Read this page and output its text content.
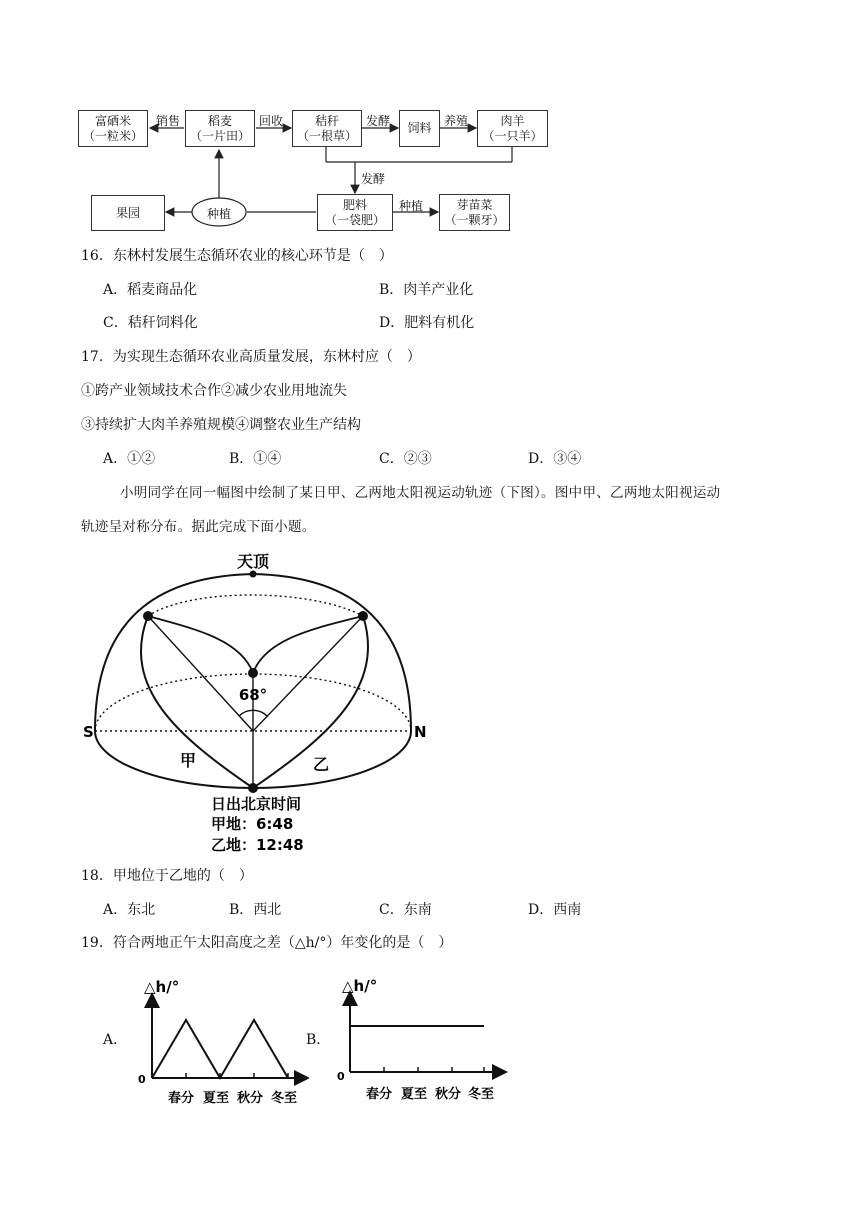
富硒米
（一粒米）
稻麦
（一片田）
秸秆
（一根草）
饲料
肉羊
（一只羊）
果园	种植
肥料
（一袋肥）
芽苗菜
（一颗牙）
销售	回收	发酵	养殖
发酵
种植
16．东林村发展生态循环农业的核心环节是（　）
A．稻麦商品化	B．肉羊产业化
C．秸秆饲料化	D．肥料有机化
17．为实现生态循环农业高质量发展，东林村应（　）
①跨产业领域技术合作②减少农业用地流失
③持续扩大肉羊养殖规模④调整农业生产结构
A．①②	B．①④	C．②③	D．③④
小明同学在同一幅图中绘制了某日甲、乙两地太阳视运动轨迹（下图）。图中甲、乙两地太阳视运动
轨迹呈对称分布。据此完成下面小题。
天顶
S	N
68°
甲	乙
日出北京时间
甲地：6:48
乙地：12:48
18．甲地位于乙地的（　）
A．东北	B．西北	C．东南	D．西南
19．符合两地正午太阳高度之差（△h/°）年变化的是（　）
A．	B．
△h/°
0
春分 夏至 秋分 冬至
△h/°
0
春分 夏至 秋分 冬至
